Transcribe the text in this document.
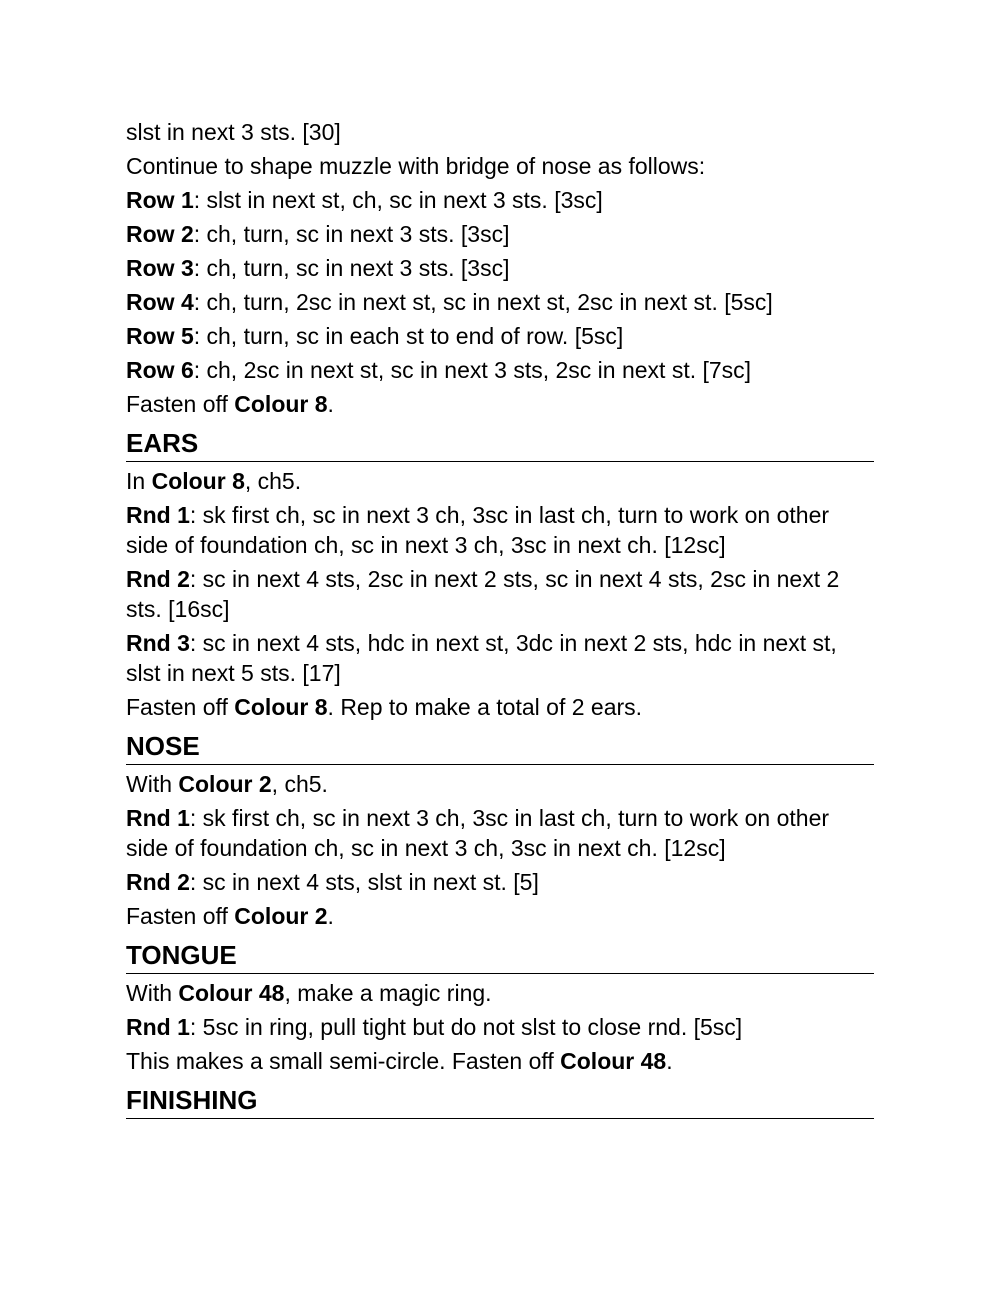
slst in next 3 sts. [30]
Continue to shape muzzle with bridge of nose as follows:
Row 1: slst in next st, ch, sc in next 3 sts. [3sc]
Row 2: ch, turn, sc in next 3 sts. [3sc]
Row 3: ch, turn, sc in next 3 sts. [3sc]
Row 4: ch, turn, 2sc in next st, sc in next st, 2sc in next st. [5sc]
Row 5: ch, turn, sc in each st to end of row. [5sc]
Row 6: ch, 2sc in next st, sc in next 3 sts, 2sc in next st. [7sc]
Fasten off Colour 8.
EARS
In Colour 8, ch5.
Rnd 1: sk first ch, sc in next 3 ch, 3sc in last ch, turn to work on other side of foundation ch, sc in next 3 ch, 3sc in next ch. [12sc]
Rnd 2: sc in next 4 sts, 2sc in next 2 sts, sc in next 4 sts, 2sc in next 2 sts. [16sc]
Rnd 3: sc in next 4 sts, hdc in next st, 3dc in next 2 sts, hdc in next st, slst in next 5 sts. [17]
Fasten off Colour 8. Rep to make a total of 2 ears.
NOSE
With Colour 2, ch5.
Rnd 1: sk first ch, sc in next 3 ch, 3sc in last ch, turn to work on other side of foundation ch, sc in next 3 ch, 3sc in next ch. [12sc]
Rnd 2: sc in next 4 sts, slst in next st. [5]
Fasten off Colour 2.
TONGUE
With Colour 48, make a magic ring.
Rnd 1: 5sc in ring, pull tight but do not slst to close rnd. [5sc]
This makes a small semi-circle. Fasten off Colour 48.
FINISHING
